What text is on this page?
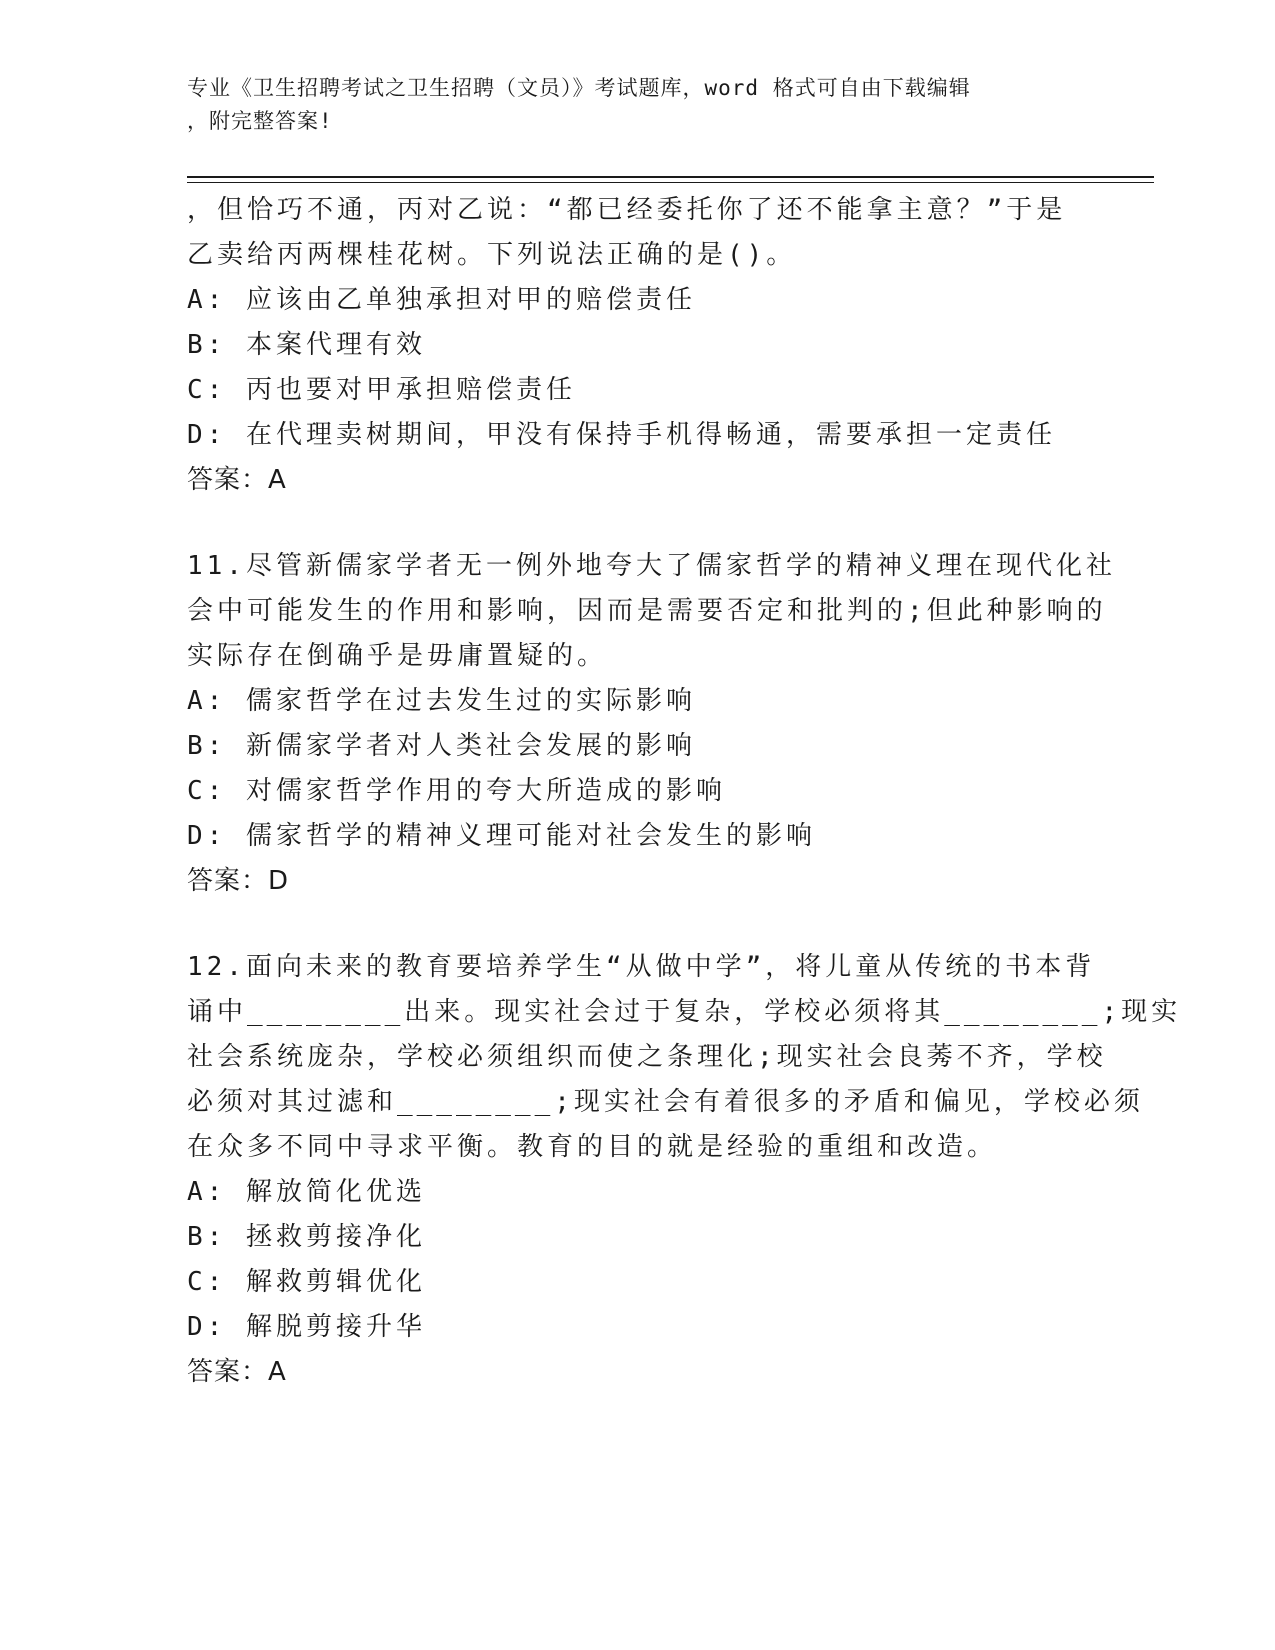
专业《卫生招聘考试之卫生招聘（文员）》考试题库，word 格式可自由下载编辑
，附完整答案!
，但恰巧不通，丙对乙说：“都已经委托你了还不能拿主意？”于是
乙卖给丙两棵桂花树。下列说法正确的是()。
A: 应该由乙单独承担对甲的赔偿责任
B: 本案代理有效
C: 丙也要对甲承担赔偿责任
D: 在代理卖树期间，甲没有保持手机得畅通，需要承担一定责任
答案：A
11.尽管新儒家学者无一例外地夸大了儒家哲学的精神义理在现代化社
会中可能发生的作用和影响，因而是需要否定和批判的;但此种影响的
实际存在倒确乎是毋庸置疑的。
A: 儒家哲学在过去发生过的实际影响
B: 新儒家学者对人类社会发展的影响
C: 对儒家哲学作用的夸大所造成的影响
D: 儒家哲学的精神义理可能对社会发生的影响
答案：D
12.面向未来的教育要培养学生“从做中学”，将儿童从传统的书本背
诵中________出来。现实社会过于复杂，学校必须将其________;现实
社会系统庞杂，学校必须组织而使之条理化;现实社会良莠不齐，学校
必须对其过滤和________;现实社会有着很多的矛盾和偏见，学校必须
在众多不同中寻求平衡。教育的目的就是经验的重组和改造。
A: 解放简化优选
B: 拯救剪接净化
C: 解救剪辑优化
D: 解脱剪接升华
答案：A
